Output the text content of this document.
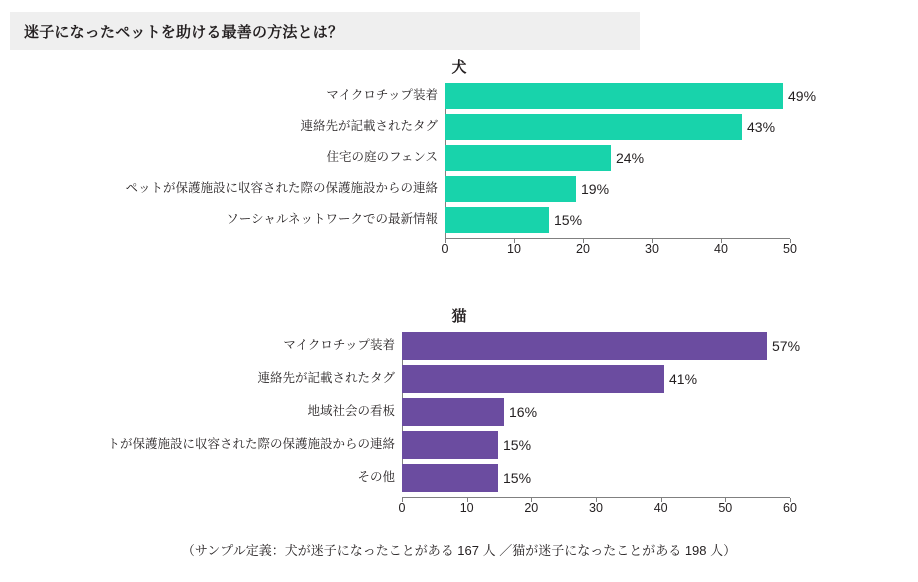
迷子になったペットを助ける最善の方法とは？
犬
マイクロチップ装着	49%
連絡先が記載されたタグ	43%
住宅の庭のフェンス	24%
ペットが保護施設に収容された際の保護施設からの連絡	19%
ソーシャルネットワークでの最新情報	15%
0	10	20	30	40	50
猫
マイクロチップ装着	57%
連絡先が記載されたタグ	41%
地域社会の看板	16%
トが保護施設に収容された際の保護施設からの連絡	15%
その他	15%
0	10	20	30	40	50	60
（サンプル定義：犬が迷子になったことがある 167 人 ／猫が迷子になったことがある 198 人）
